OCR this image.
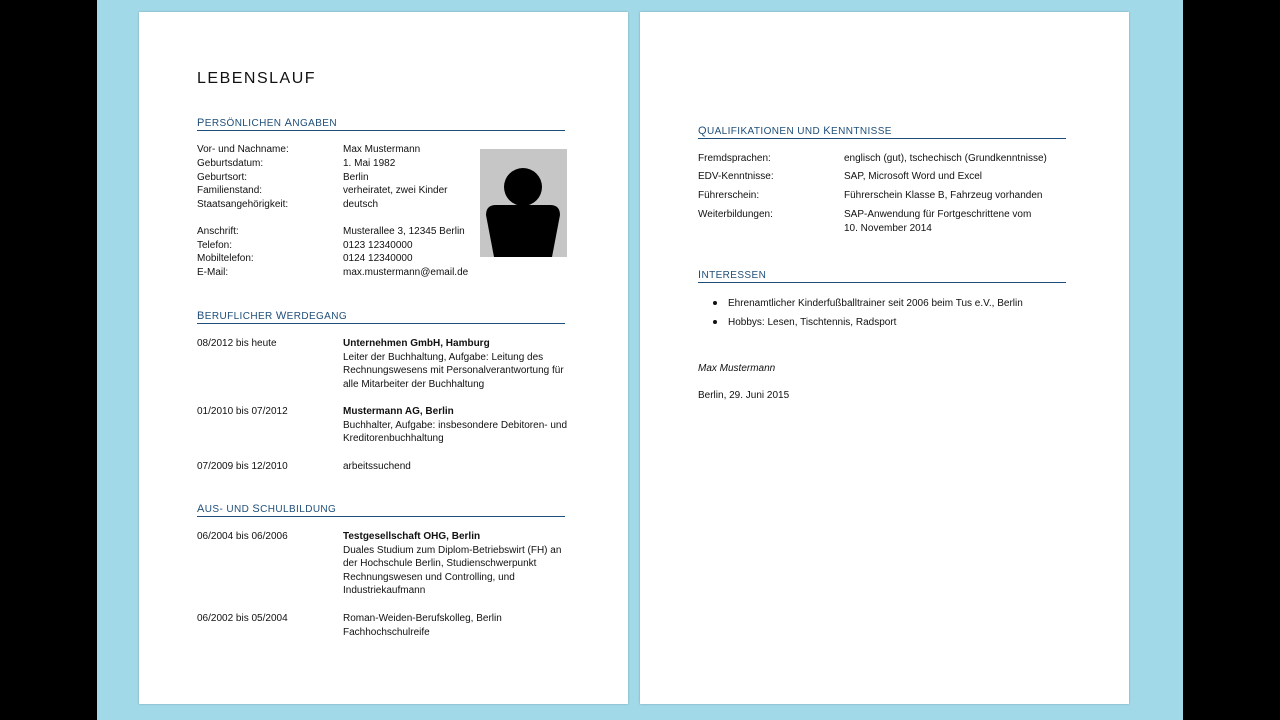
LEBENSLAUF
PERSÖNLICHEN ANGABEN
Vor- und Nachname:	Max Mustermann
Geburtsdatum:	1. Mai 1982
Geburtsort:	Berlin
Familienstand:	verheiratet, zwei Kinder
Staatsangehörigkeit:	deutsch
Anschrift:	Musterallee 3, 12345 Berlin
Telefon:	0123 12340000
Mobiltelefon:	0124 12340000
E-Mail:	max.mustermann@email.de
BERUFLICHER WERDEGANG
08/2012 bis heute	Unternehmen GmbH, Hamburg
Leiter der Buchhaltung, Aufgabe: Leitung des
Rechnungswesens mit Personalverantwortung für
alle Mitarbeiter der Buchhaltung
01/2010 bis 07/2012	Mustermann AG, Berlin
Buchhalter, Aufgabe: insbesondere Debitoren- und
Kreditorenbuchhaltung
07/2009 bis 12/2010	arbeitssuchend
AUS- UND SCHULBILDUNG
06/2004 bis 06/2006	Testgesellschaft OHG, Berlin
Duales Studium zum Diplom-Betriebswirt (FH) an
der Hochschule Berlin, Studienschwerpunkt
Rechnungswesen und Controlling, und
Industriekaufmann
06/2002 bis 05/2004	Roman-Weiden-Berufskolleg, Berlin
Fachhochschulreife
QUALIFIKATIONEN UND KENNTNISSE
Fremdsprachen:	englisch (gut), tschechisch (Grundkenntnisse)
EDV-Kenntnisse:	SAP, Microsoft Word und Excel
Führerschein:	Führerschein Klasse B, Fahrzeug vorhanden
Weiterbildungen:	SAP-Anwendung für Fortgeschrittene vom
10. November 2014
INTERESSEN
Ehrenamtlicher Kinderfußballtrainer seit 2006 beim Tus e.V., Berlin
Hobbys: Lesen, Tischtennis, Radsport
Max Mustermann
Berlin, 29. Juni 2015
